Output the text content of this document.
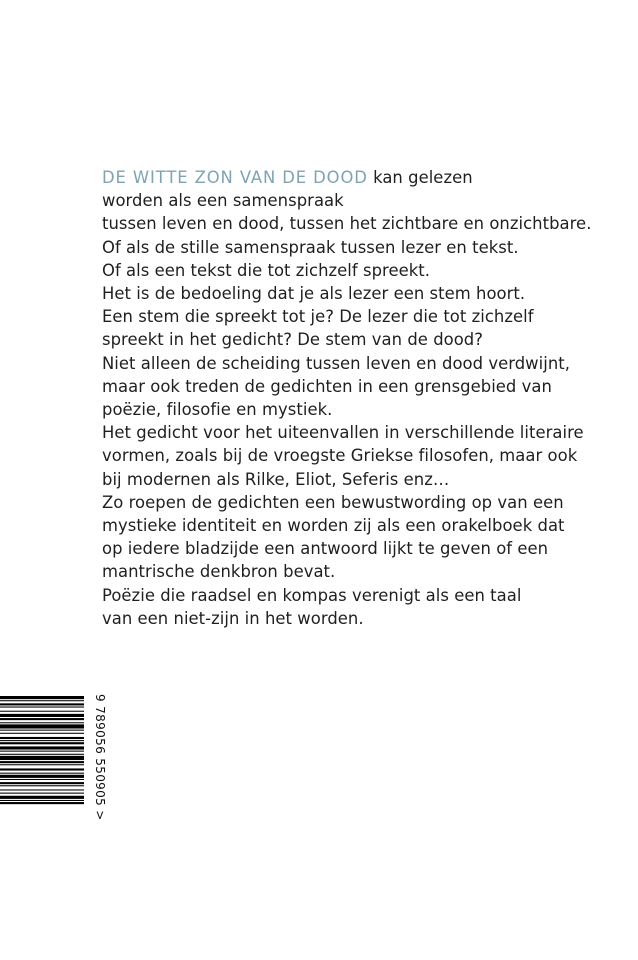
DE WITTE ZON VAN DE DOOD kan gelezen
worden als een samenspraak
tussen leven en dood, tussen het zichtbare en onzichtbare.
Of als de stille samenspraak tussen lezer en tekst.
Of als een tekst die tot zichzelf spreekt.
Het is de bedoeling dat je als lezer een stem hoort.
Een stem die spreekt tot je? De lezer die tot zichzelf
spreekt in het gedicht? De stem van de dood?
Niet alleen de scheiding tussen leven en dood verdwijnt,
maar ook treden de gedichten in een grensgebied van
poëzie, filosofie en mystiek.
Het gedicht voor het uiteenvallen in verschillende literaire
vormen, zoals bij de vroegste Griekse filosofen, maar ook
bij modernen als Rilke, Eliot, Seferis enz…
Zo roepen de gedichten een bewustwording op van een
mystieke identiteit en worden zij als een orakelboek dat
op iedere bladzijde een antwoord lijkt te geven of een
mantrische denkbron bevat.
Poëzie die raadsel en kompas verenigt als een taal
van een niet-zijn in het worden.
9 789056 550905 >
